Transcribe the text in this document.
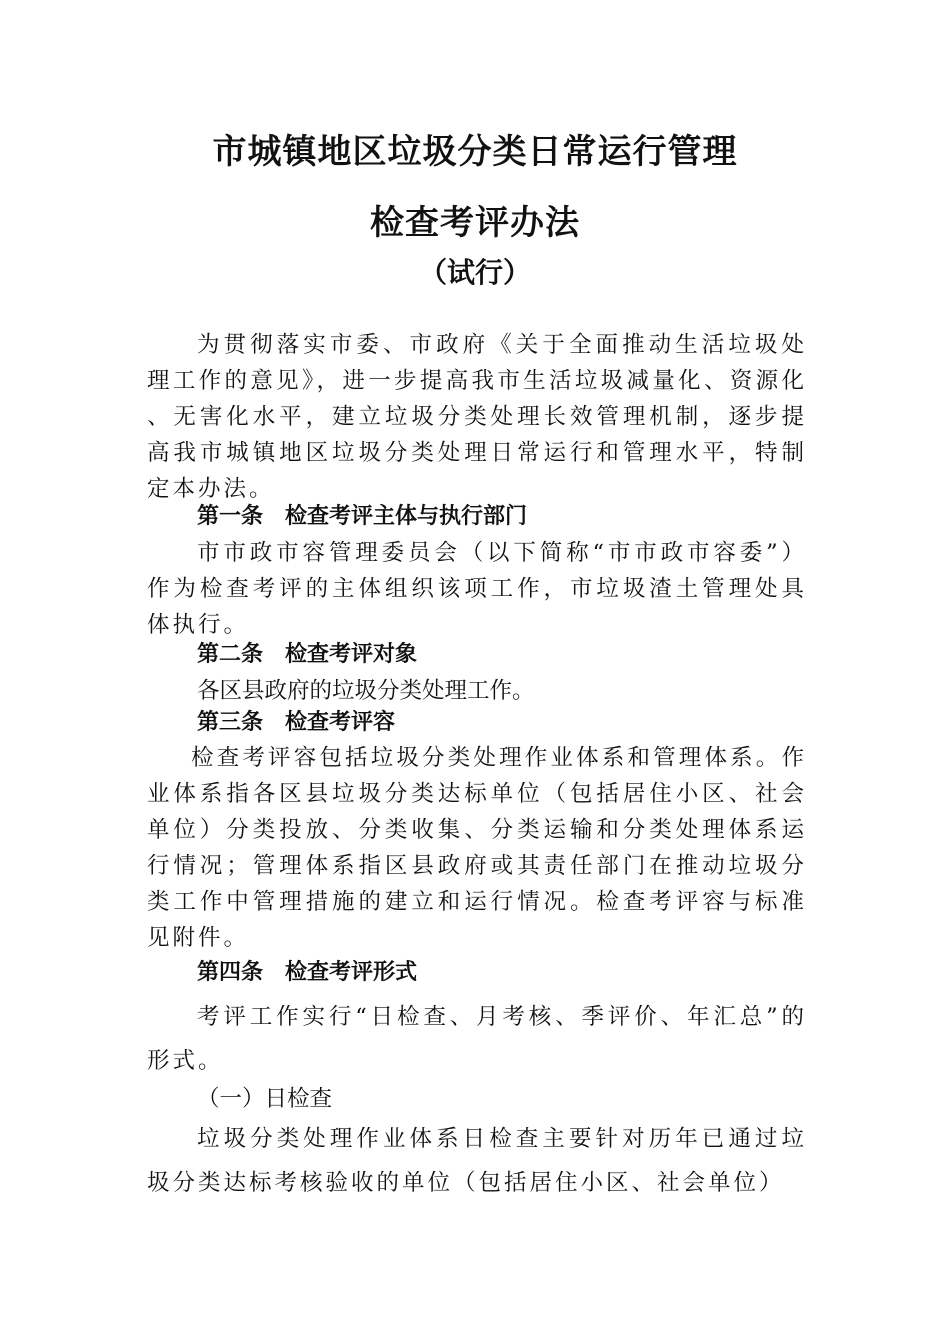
市城镇地区垃圾分类日常运行管理
检查考评办法
（试行）
为贯彻落实市委、市政府《关于全面推动生活垃圾处理工作的意见》，进一步提高我市生活垃圾减量化、资源化、无害化水平，建立垃圾分类处理长效管理机制，逐步提高我市城镇地区垃圾分类处理日常运行和管理水平，特制定本办法。
第一条　检查考评主体与执行部门
市市政市容管理委员会（以下简称“市市政市容委”）作为检查考评的主体组织该项工作，市垃圾渣土管理处具体执行。
第二条　检查考评对象
各区县政府的垃圾分类处理工作。
第三条　检查考评容
检查考评容包括垃圾分类处理作业体系和管理体系。作业体系指各区县垃圾分类达标单位（包括居住小区、社会单位）分类投放、分类收集、分类运输和分类处理体系运行情况；管理体系指区县政府或其责任部门在推动垃圾分类工作中管理措施的建立和运行情况。检查考评容与标准见附件。
第四条　检查考评形式
考评工作实行“日检查、月考核、季评价、年汇总”的形式。
（一）日检查
垃圾分类处理作业体系日检查主要针对历年已通过垃圾分类达标考核验收的单位（包括居住小区、社会单位）
